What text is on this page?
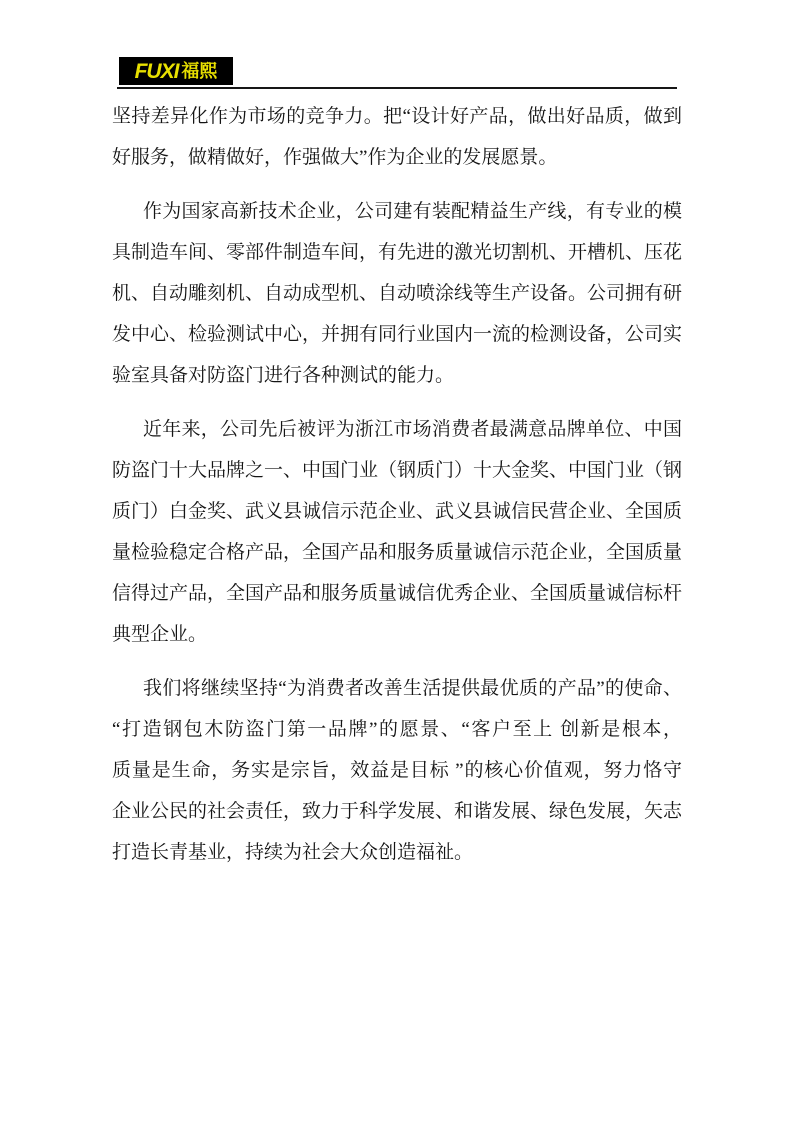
FUXI 福熙
坚持差异化作为市场的竞争力。把“设计好产品，做出好品质，做到
好服务，做精做好，作强做大”作为企业的发展愿景。
作为国家高新技术企业，公司建有装配精益生产线，有专业的模
具制造车间、零部件制造车间，有先进的激光切割机、开槽机、压花
机、自动雕刻机、自动成型机、自动喷涂线等生产设备。公司拥有研
发中心、检验测试中心，并拥有同行业国内一流的检测设备，公司实
验室具备对防盗门进行各种测试的能力。
近年来，公司先后被评为浙江市场消费者最满意品牌单位、中国
防盗门十大品牌之一、中国门业（钢质门）十大金奖、中国门业（钢
质门）白金奖、武义县诚信示范企业、武义县诚信民营企业、全国质
量检验稳定合格产品，全国产品和服务质量诚信示范企业，全国质量
信得过产品，全国产品和服务质量诚信优秀企业、全国质量诚信标杆
典型企业。
我们将继续坚持“为消费者改善生活提供最优质的产品”的使命、
“打造钢包木防盗门第一品牌”的愿景、“客户至上 创新是根本，
质量是生命，务实是宗旨，效益是目标 ”的核心价值观，努力恪守
企业公民的社会责任，致力于科学发展、和谐发展、绿色发展，矢志
打造长青基业，持续为社会大众创造福祉。
